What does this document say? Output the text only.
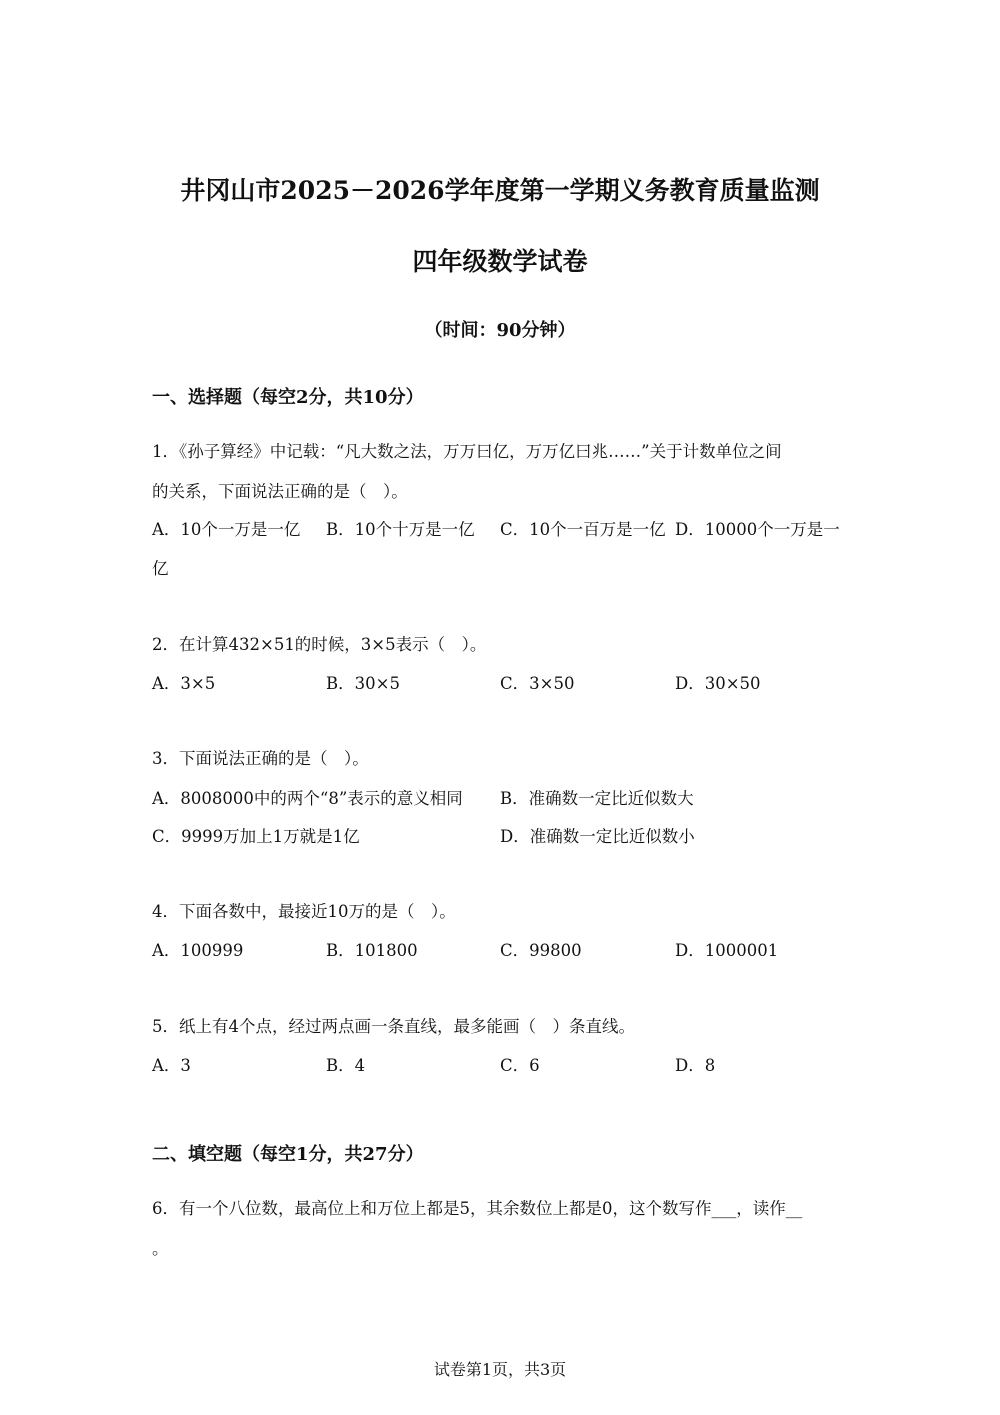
井冈山市2025－2026学年度第一学期义务教育质量监测
四年级数学试卷
（时间：90分钟）
一、选择题（每空2分，共10分）
1．《孙子算经》中记载：“凡大数之法，万万曰亿，万万亿曰兆……”关于计数单位之间
的关系，下面说法正确的是（　）。
A．10个一万是一亿 B．10个十万是一亿 C．10个一百万是一亿 D．10000个一万是一
亿
2．在计算432×51的时候，3×5表示（　）。
A．3×5	B．30×5	C．3×50	D．30×50
3．下面说法正确的是（　）。
A．8008000中的两个“8”表示的意义相同 B．准确数一定比近似数大
C．9999万加上1万就是1亿	D．准确数一定比近似数小
4．下面各数中，最接近10万的是（　）。
A．100999	B．101800	C．99800	D．1000001
5．纸上有4个点，经过两点画一条直线，最多能画（　）条直线。
A．3	B．4	C．6	D．8
二、填空题（每空1分，共27分）
6．有一个八位数，最高位上和万位上都是5，其余数位上都是0，这个数写作___，读作__
。
试卷第1页，共3页
